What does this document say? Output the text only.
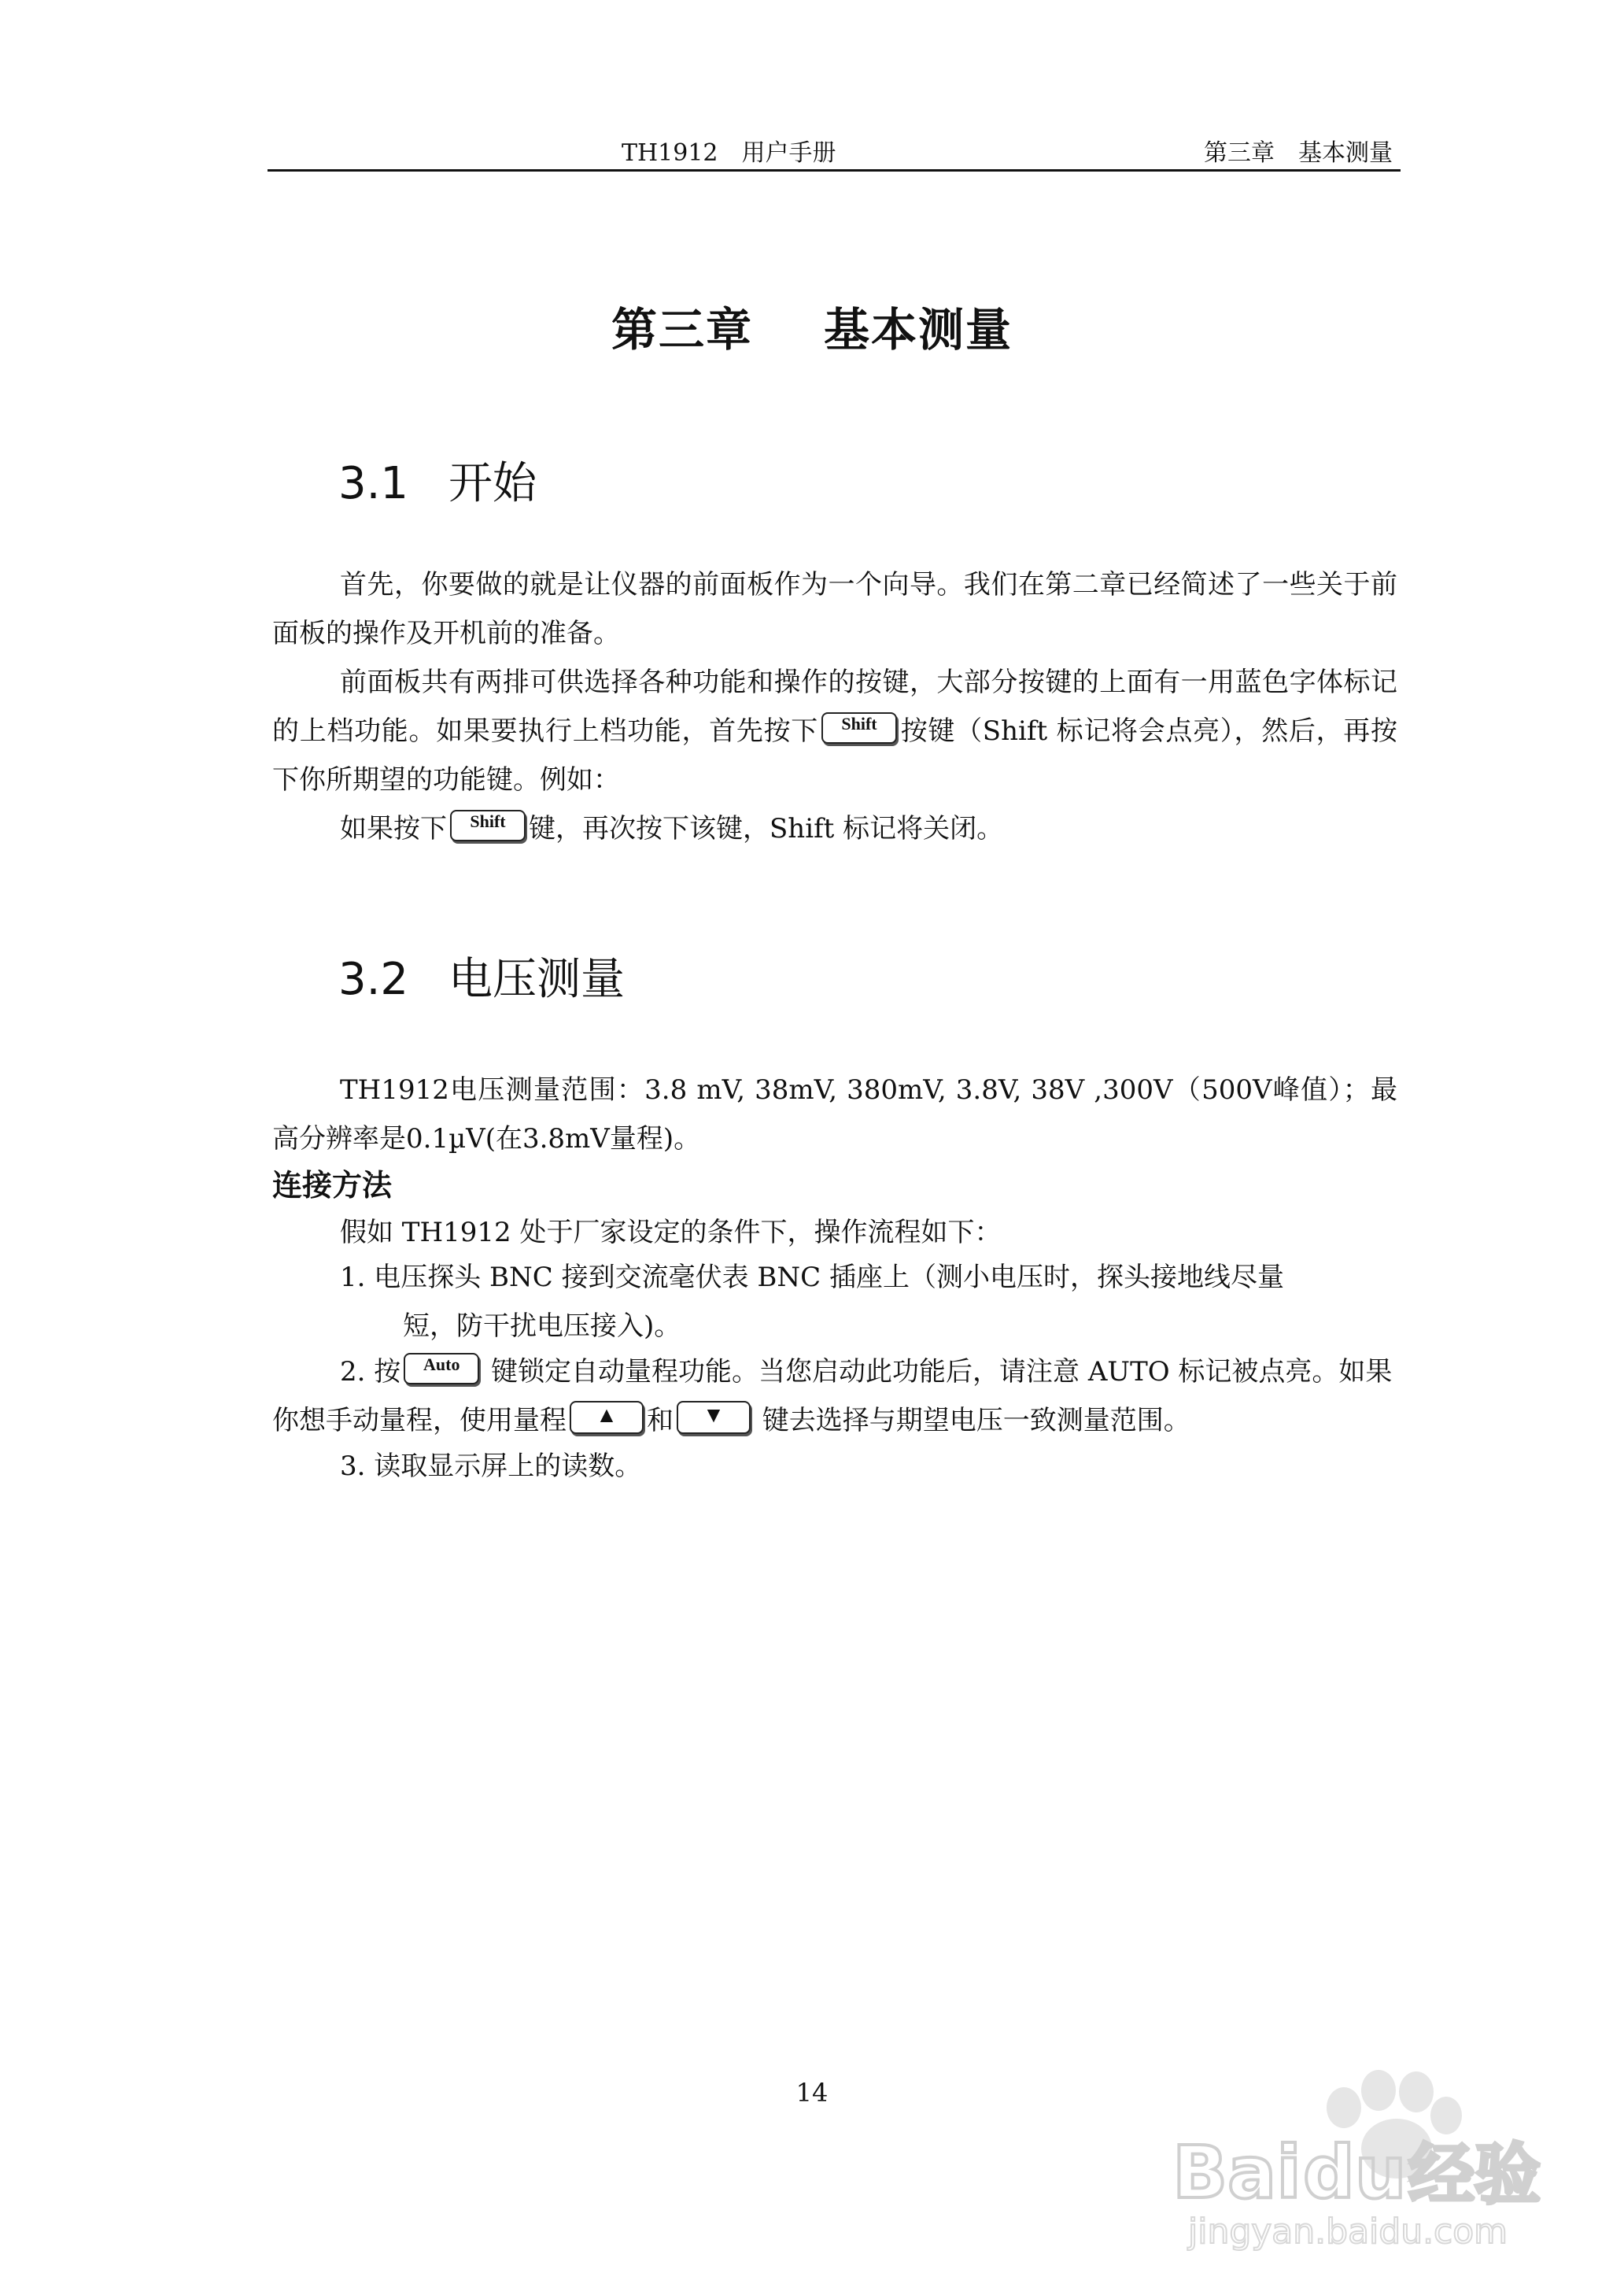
TH1912　用户手册	第三章　基本测量
第三章 基本测量
3.1 开始
首先，你要做的就是让仪器的前面板作为一个向导。我们在第二章已经简述了一些关于前面板的操作及开机前的准备。
前面板共有两排可供选择各种功能和操作的按键，大部分按键的上面有一用蓝色字体标记的上档功能。如果要执行上档功能，首先按下 Shift 按键（Shift 标记将会点亮），然后，再按下你所期望的功能键。例如：
如果按下 Shift 键，再次按下该键，Shift 标记将关闭。
3.2 电压测量
TH1912电压测量范围：3.8 mV, 38mV, 380mV, 3.8V, 38V ,300V（500V峰值）；最高分辨率是0.1µV(在3.8mV量程)。
连接方法
假如 TH1912 处于厂家设定的条件下，操作流程如下：
1. 电压探头 BNC 接到交流毫伏表 BNC 插座上（测小电压时，探头接地线尽量
短，防干扰电压接入)。
2. 按 Auto 键锁定自动量程功能。当您启动此功能后，请注意 AUTO 标记被点亮。如果你想手动量程，使用量程 ▲ 和 ▼ 键去选择与期望电压一致测量范围。
3. 读取显示屏上的读数。
14
Bai du 经验
jingyan.baidu.com
